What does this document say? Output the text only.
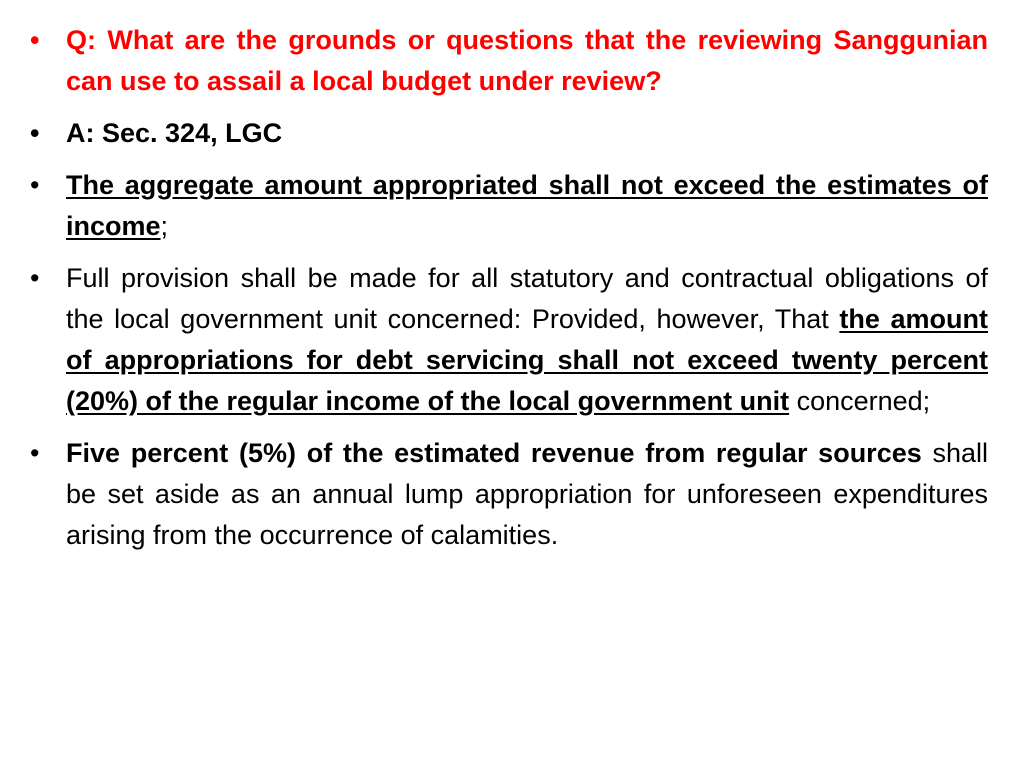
• Q: What are the grounds or questions that the reviewing Sanggunian can use to assail a local budget under review?
• A: Sec. 324, LGC
• The aggregate amount appropriated shall not exceed the estimates of income;
• Full provision shall be made for all statutory and contractual obligations of the local government unit concerned: Provided, however, That the amount of appropriations for debt servicing shall not exceed twenty percent (20%) of the regular income of the local government unit concerned;
• Five percent (5%) of the estimated revenue from regular sources shall be set aside as an annual lump appropriation for unforeseen expenditures arising from the occurrence of calamities.
